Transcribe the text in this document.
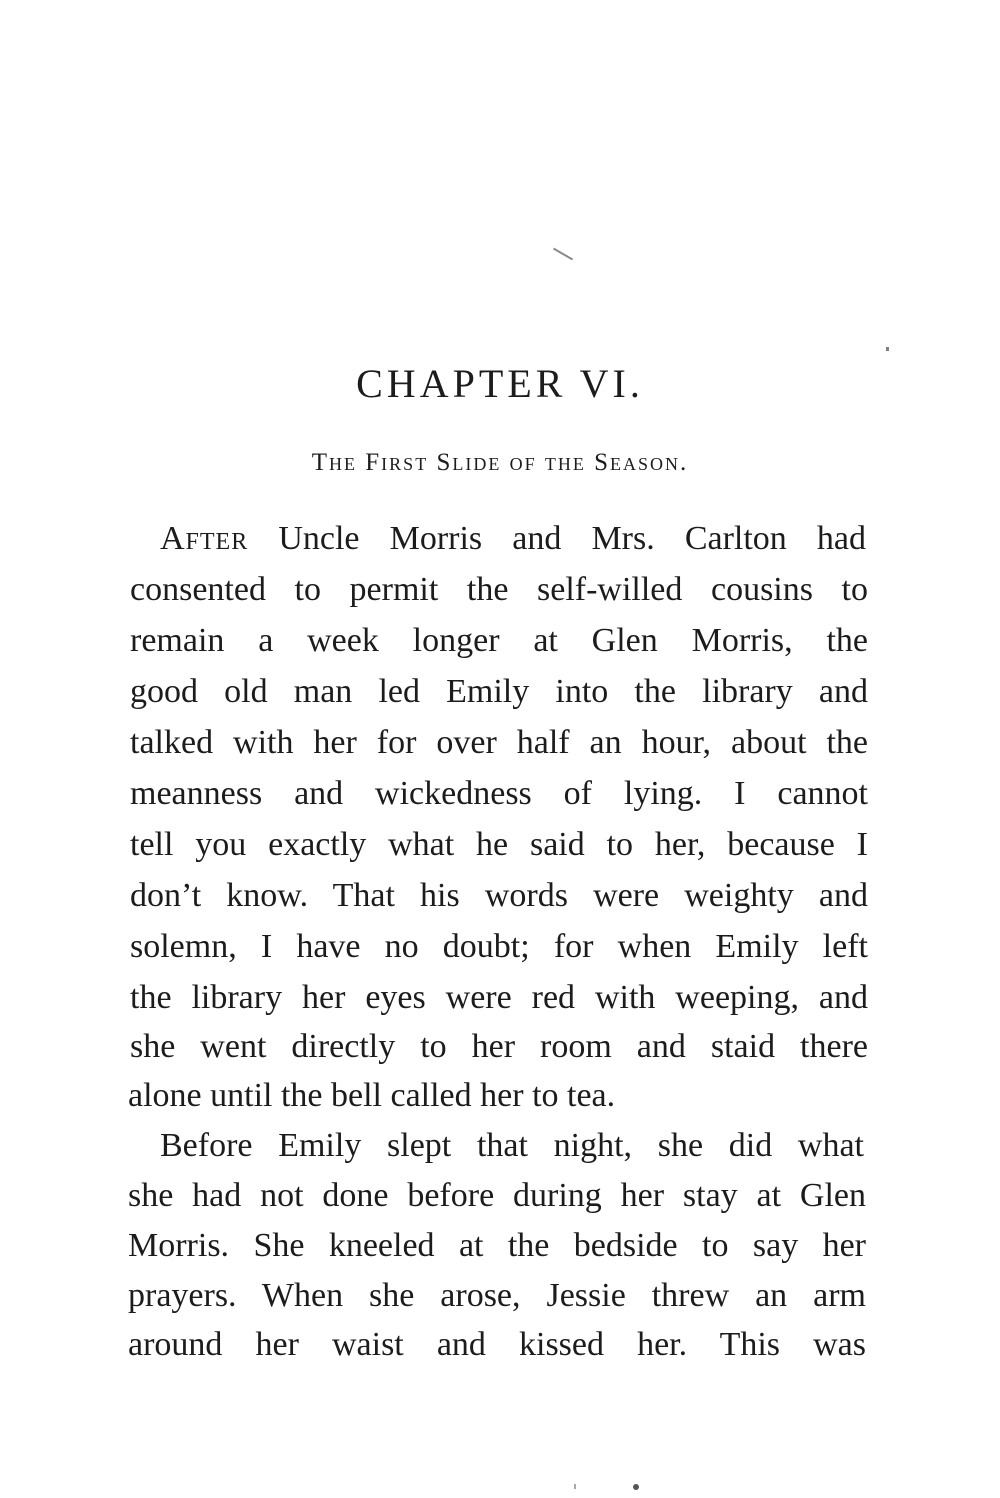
CHAPTER VI.
The First Slide of the Season.
After Uncle Morris and Mrs. Carlton had
consented to permit the self-willed cousins to
remain a week longer at Glen Morris, the
good old man led Emily into the library and
talked with her for over half an hour, about the
meanness and wickedness of lying. I cannot
tell you exactly what he said to her, because I
don’t know. That his words were weighty and
solemn, I have no doubt; for when Emily left
the library her eyes were red with weeping, and
she went directly to her room and staid there
alone until the bell called her to tea.
Before Emily slept that night, she did what
she had not done before during her stay at Glen
Morris. She kneeled at the bedside to say her
prayers. When she arose, Jessie threw an arm
around her waist and kissed her. This was
